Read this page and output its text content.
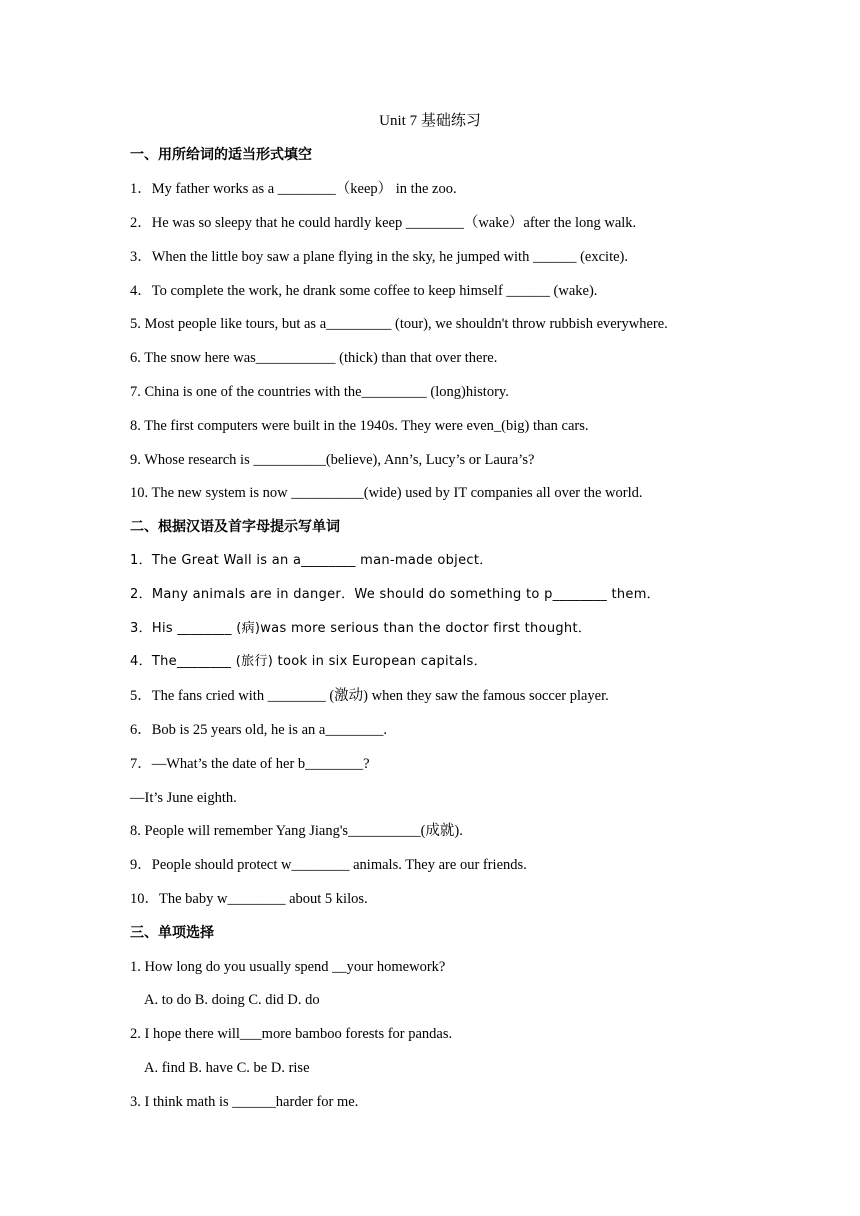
Unit 7 基础练习
一、用所给词的适当形式填空
1．My father works as a ________（keep） in the zoo.
2．He was so sleepy that he could hardly keep ________（wake）after the long walk.
3．When the little boy saw a plane flying in the sky, he jumped with ______ (excite).
4．To complete the work, he drank some coffee to keep himself ______ (wake).
5. Most people like tours, but as a_________ (tour), we shouldn't throw rubbish everywhere.
6. The snow here was___________ (thick) than that over there.
7. China is one of the countries with the_________ (long)history.
8. The first computers were built in the 1940s. They were even_(big) than cars.
9. Whose research is __________(believe), Ann’s, Lucy’s or Laura’s?
10. The new system is now __________(wide) used by IT companies all over the world.
二、根据汉语及首字母提示写单词
1．The Great Wall is an a________ man-made object．
2．Many animals are in danger．We should do something to p________ them．
3．His ________ (病)was more serious than the doctor first thought．
4．The________ (旅行) took in six European capitals．
5．The fans cried with ________ (激动) when they saw the famous soccer player.
6．Bob is 25 years old, he is an a________.
7．—What’s the date of her b________?
—It’s June eighth.
8. People will remember Yang Jiang's__________(成就).
9．People should protect w________ animals. They are our friends.
10．The baby w________ about 5 kilos.
三、单项选择
1. How long do you usually spend __your homework?
A. to do B. doing C. did D. do
2. I hope there will___more bamboo forests for pandas.
A. find B. have C. be D. rise
3. I think math is ______harder for me.
